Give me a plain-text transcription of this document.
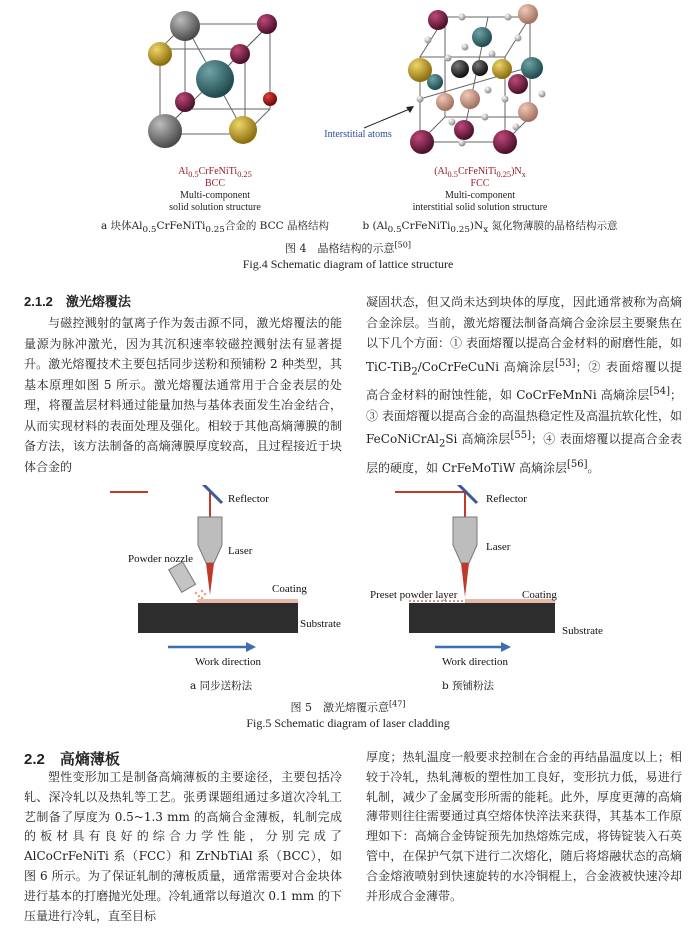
Interstitial atoms
$Al_{0.5}CrFeNiTi_{0.25}$
BCC
Multi-component
solid solution structure
$(Al_{0.5}CrFeNiTi_{0.25})N_x$
FCC
Multi-component
interstitial solid solution structure
a 块体$Al_{0.5}CrFeNiTi_{0.25}$合金的 BCC 晶格结构	b $(Al_{0.5}CrFeNiTi_{0.25})N_x$ 氮化物薄膜的晶格结构示意
图 4　晶格结构的示意[50]
Fig.4 Schematic diagram of lattice structure
2.1.2　激光熔覆法

与磁控溅射的氩离子作为轰击源不同，激光熔覆法的能量源为脉冲激光，因为其沉积速率较磁控溅射法有显著提升。激光熔覆技术主要包括同步送粉和预铺粉 2 种类型，其基本原理如图 5 所示。激光熔覆法通常用于合金表层的处理，将覆盖层材料通过能量加热与基体表面发生冶金结合，从而实现材料的表面处理及强化。相较于其他高熵薄膜的制备方法，该方法制备的高熵薄膜厚度较高，且过程接近于块体合金的

凝固状态，但又尚未达到块体的厚度，因此通常被称为高熵合金涂层。当前，激光熔覆法制备高熵合金涂层主要聚焦在以下几个方面：① 表面熔覆以提高合金材料的耐磨性能，如 TiC-TiB$_2$/CoCrFeCuNi 高熵涂层[53]；② 表面熔覆以提高合金材料的耐蚀性能，如 CoCrFeMnNi 高熵涂层[54]；③ 表面熔覆以提高合金的高温热稳定性及高温抗软化性，如 FeCoNiCrAl$_2$Si 高熵涂层[55]；④ 表面熔覆以提高合金表层的硬度，如 CrFeMoTiW 高熵涂层[56]。

Reflector
Laser
Powder nozzle
Coating
Substrate
Work direction
a 同步送粉法
Reflector
Laser
Preset powder layer	Coating
Substrate
Work direction
b 预铺粉法
图 5　激光熔覆示意[47]
Fig.5 Schematic diagram of laser cladding
2.2　高熵薄板

塑性变形加工是制备高熵薄板的主要途径，主要包括冷轧、深冷轧以及热轧等工艺。张勇课题组通过多道次冷轧工艺制备了厚度为 0.5~1.3 mm 的高熵合金薄板，轧制完成的板材具有良好的综合力学性能，分别完成了 AlCoCrFeNiTi 系（FCC）和 ZrNbTiAl 系（BCC），如图 6 所示。为了保证轧制的薄板质量，通常需要对合金块体进行基本的打磨抛光处理。冷轧通常以每道次 0.1 mm 的下压量进行冷轧，直至目标

厚度；热轧温度一般要求控制在合金的再结晶温度以上；相较于冷轧，热轧薄板的塑性加工良好，变形抗力低，易进行轧制，减少了金属变形所需的能耗。此外，厚度更薄的高熵薄带则往往需要通过真空熔体快淬法来获得，其基本工作原理如下：高熵合金铸锭预先加热熔炼完成，将铸锭装入石英管中，在保护气氛下进行二次熔化，随后将熔融状态的高熵合金熔液喷射到快速旋转的水冷铜棍上，合金液被快速冷却并形成合金薄带。
